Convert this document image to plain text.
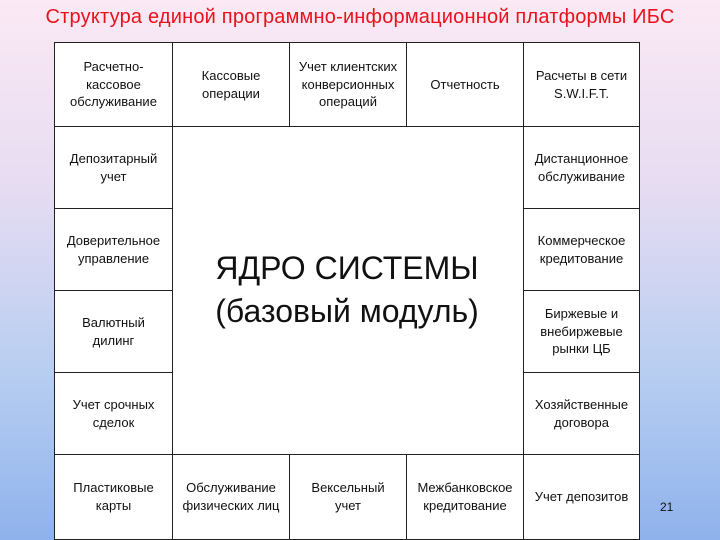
Структура единой программно-информационной платформы ИБС
Расчетно-
кассовое
обслуживание
Кассовые
операции
Учет клиентских
конверсионных
операций
Отчетность
Расчеты в сети
S.W.I.F.T.
Депозитарный
учет
Доверительное
управление
Валютный
дилинг
Учет срочных
сделок
Дистанционное
обслуживание
Коммерческое
кредитование
Биржевые и
внебиржевые
рынки ЦБ
Хозяйственные
договора
Пластиковые
карты
Обслуживание
физических лиц
Вексельный
учет
Межбанковское
кредитование
Учет депозитов
ЯДРО СИСТЕМЫ
(базовый модуль)
21
